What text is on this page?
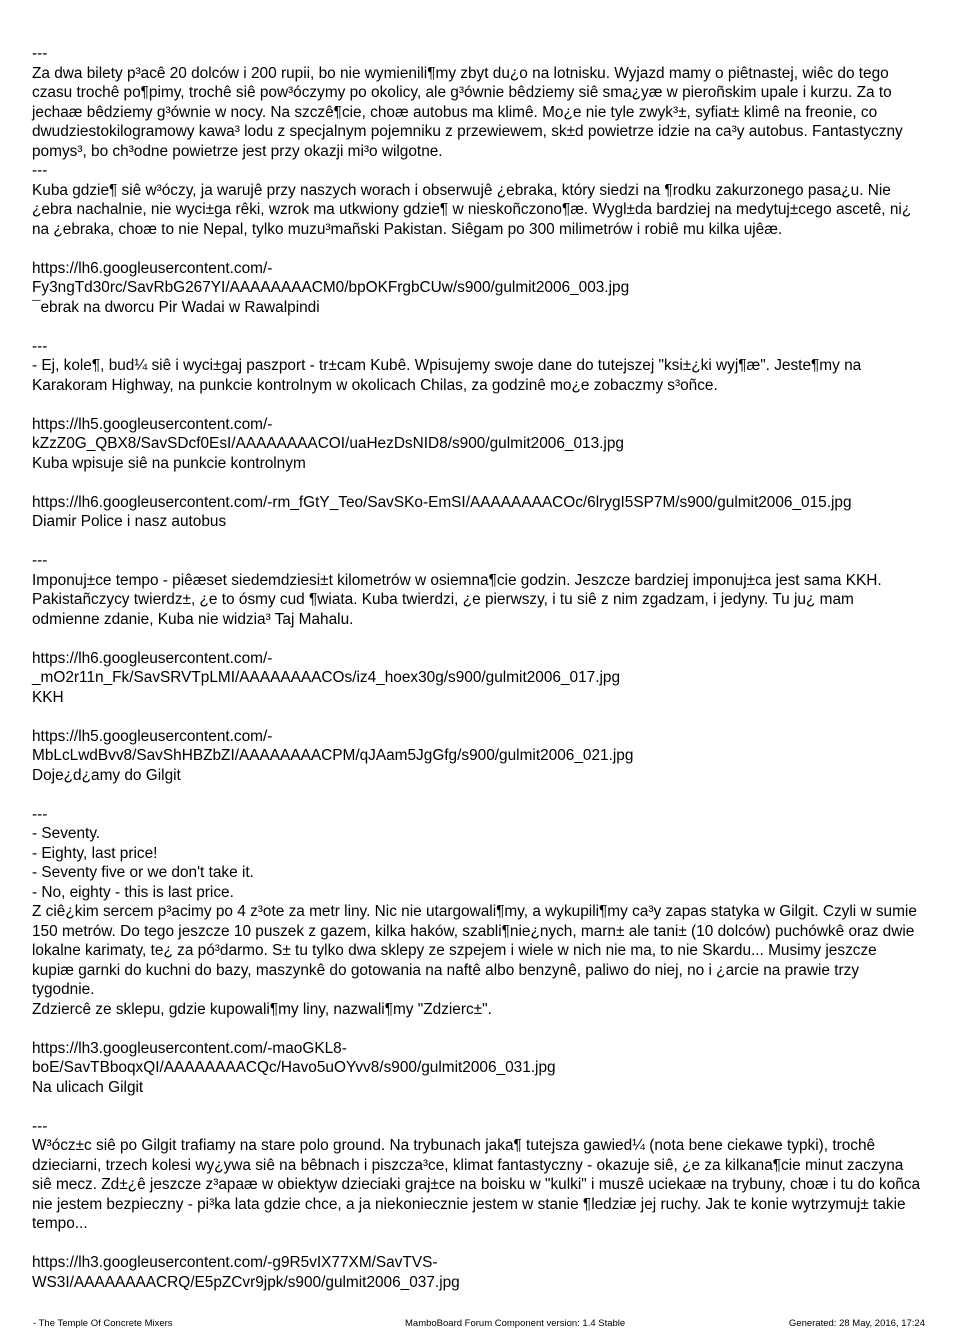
---
Za dwa bilety p³acê 20 dolców i 200 rupii, bo nie wymienili¶my zbyt du¿o na lotnisku. Wyjazd mamy o piêtnastej, wiêc do tego czasu trochê po¶pimy, trochê siê pow³óczymy po okolicy, ale g³ównie bêdziemy siê sma¿yæ w pieroñskim upale i kurzu. Za to jechaæ bêdziemy g³ównie w nocy. Na szczê¶cie, choæ autobus ma klimê. Mo¿e nie tyle zwyk³±, syfiat± klimê na freonie, co dwudziestokilogramowy kawa³ lodu z specjalnym pojemniku z przewiewem, sk±d powietrze idzie na ca³y autobus. Fantastyczny pomys³, bo ch³odne powietrze jest przy okazji mi³o wilgotne.
---
Kuba gdzie¶ siê w³óczy, ja warujê przy naszych worach i obserwujê ¿ebraka, który siedzi na ¶rodku zakurzonego pasa¿u. Nie ¿ebra nachalnie, nie wyci±ga rêki, wzrok ma utkwiony gdzie¶ w nieskoñczono¶æ. Wygl±da bardziej na medytuj±cego ascetê, ni¿ na ¿ebraka, choæ to nie Nepal, tylko muzu³mañski Pakistan. Siêgam po 300 milimetrów i robiê mu kilka ujêæ.

https://lh6.googleusercontent.com/-
Fy3ngTd30rc/SavRbG267YI/AAAAAAAACM0/bpOKFrgbCUw/s900/gulmit2006_003.jpg
¯ebrak na dworcu Pir Wadai w Rawalpindi

---
- Ej, kole¶, bud¼ siê i wyci±gaj paszport - tr±cam Kubê. Wpisujemy swoje dane do tutejszej "ksi±¿ki wyj¶æ". Jeste¶my na Karakoram Highway, na punkcie kontrolnym w okolicach Chilas, za godzinê mo¿e zobaczmy s³oñce.

https://lh5.googleusercontent.com/-
kZzZ0G_QBX8/SavSDcf0EsI/AAAAAAAACOI/uaHezDsNID8/s900/gulmit2006_013.jpg
Kuba wpisuje siê na punkcie kontrolnym

https://lh6.googleusercontent.com/-rm_fGtY_Teo/SavSKo-EmSI/AAAAAAAACOc/6lrygI5SP7M/s900/gulmit2006_015.jpg
Diamir Police i nasz autobus

---
Imponuj±ce tempo - piêæset siedemdziesi±t kilometrów w osiemna¶cie godzin. Jeszcze bardziej imponuj±ca jest sama KKH. Pakistañczycy twierdz±, ¿e to ósmy cud ¶wiata. Kuba twierdzi, ¿e pierwszy, i tu siê z nim zgadzam, i jedyny. Tu ju¿ mam odmienne zdanie, Kuba nie widzia³ Taj Mahalu.

https://lh6.googleusercontent.com/-
_mO2r11n_Fk/SavSRVTpLMI/AAAAAAAACOs/iz4_hoex30g/s900/gulmit2006_017.jpg
KKH

https://lh5.googleusercontent.com/-
MbLcLwdBvv8/SavShHBZbZI/AAAAAAAACPM/qJAam5JgGfg/s900/gulmit2006_021.jpg
Doje¿d¿amy do Gilgit

---
- Seventy.
- Eighty, last price!
- Seventy five or we don't take it.
- No, eighty - this is last price.
Z ciê¿kim sercem p³acimy po 4 z³ote za metr liny. Nic nie utargowali¶my, a wykupili¶my ca³y zapas statyka w Gilgit. Czyli w sumie 150 metrów. Do tego jeszcze 10 puszek z gazem, kilka haków, szabli¶nie¿nych, marn± ale tani± (10 dolców) puchówkê oraz dwie lokalne karimaty, te¿ za pó³darmo. S± tu tylko dwa sklepy ze szpejem i wiele w nich nie ma, to nie Skardu... Musimy jeszcze kupiæ garnki do kuchni do bazy, maszynkê do gotowania na naftê albo benzynê, paliwo do niej, no i ¿arcie na prawie trzy tygodnie.
Zdziercê ze sklepu, gdzie kupowali¶my liny, nazwali¶my "Zdzierc±".

https://lh3.googleusercontent.com/-maoGKL8-
boE/SavTBboqxQI/AAAAAAAACQc/Havo5uOYvv8/s900/gulmit2006_031.jpg
Na ulicach Gilgit

---
W³ócz±c siê po Gilgit trafiamy na stare polo ground. Na trybunach jaka¶ tutejsza gawied¼ (nota bene ciekawe typki), trochê dzieciarni, trzech kolesi wy¿ywa siê na bêbnach i piszcza³ce, klimat fantastyczny - okazuje siê, ¿e za kilkana¶cie minut zaczyna siê mecz. Zd±¿ê jeszcze z³apaæ w obiektyw dzieciaki graj±ce na boisku w "kulki" i muszê uciekaæ na trybuny, choæ i tu do koñca nie jestem bezpieczny - pi³ka lata gdzie chce, a ja niekoniecznie jestem w stanie ¶ledziæ jej ruchy. Jak te konie wytrzymuj± takie tempo...

https://lh3.googleusercontent.com/-g9R5vIX77XM/SavTVS-
WS3I/AAAAAAAACRQ/E5pZCvr9jpk/s900/gulmit2006_037.jpg

- The Temple Of Concrete Mixers	MamboBoard Forum Component version: 1.4 Stable	Generated: 28 May, 2016, 17:24
